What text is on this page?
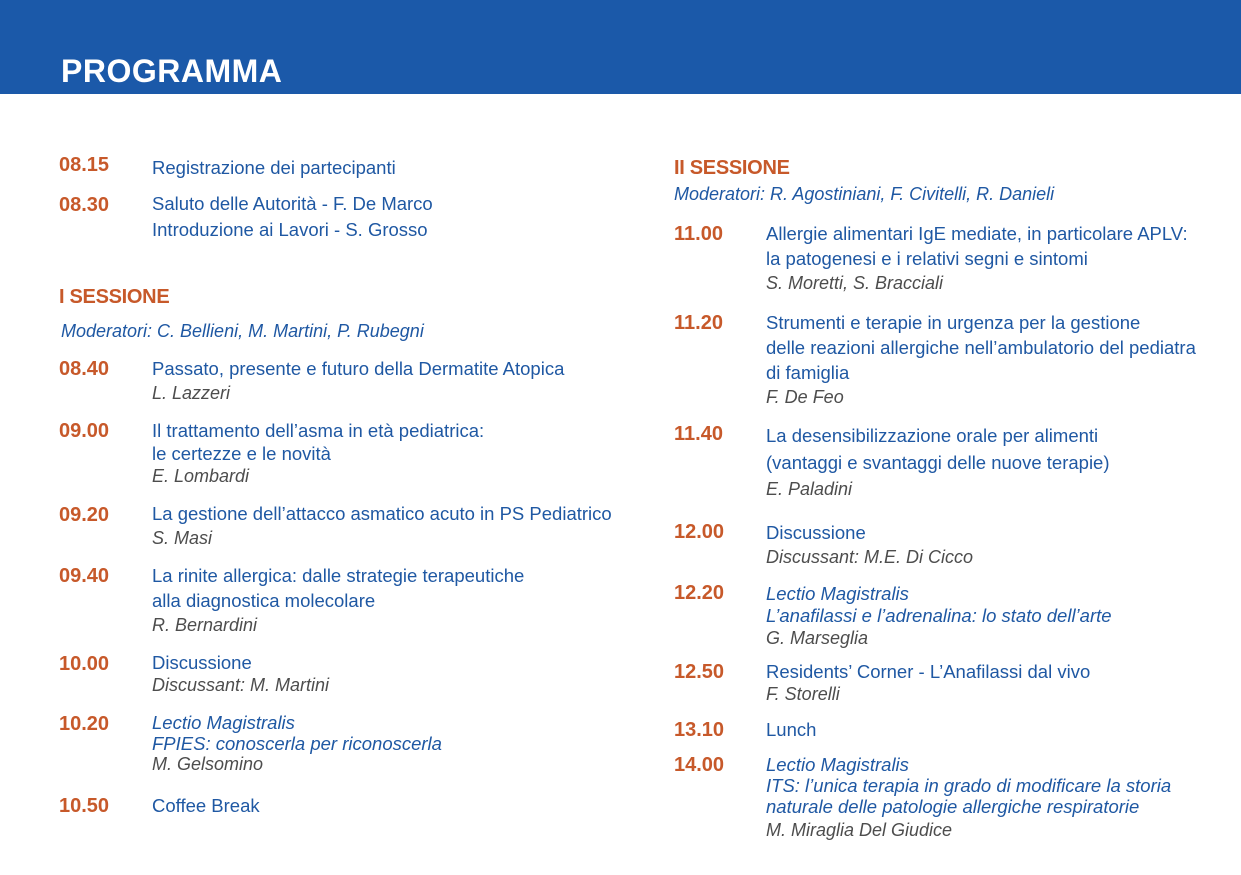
PROGRAMMA
08.15 Registrazione dei partecipanti
08.30 Saluto delle Autorità - F. De Marco
Introduzione ai Lavori - S. Grosso
I SESSIONE
Moderatori: C. Bellieni, M. Martini, P. Rubegni
08.40 Passato, presente e futuro della Dermatite Atopica
L. Lazzeri
09.00 Il trattamento dell’asma in età pediatrica:
le certezze e le novità
E. Lombardi
09.20 La gestione dell’attacco asmatico acuto in PS Pediatrico
S. Masi
09.40 La rinite allergica: dalle strategie terapeutiche
alla diagnostica molecolare
R. Bernardini
10.00 Discussione
Discussant: M. Martini
10.20 Lectio Magistralis
FPIES: conoscerla per riconoscerla
M. Gelsomino
10.50 Coffee Break
II SESSIONE
Moderatori: R. Agostiniani, F. Civitelli, R. Danieli
11.00 Allergie alimentari IgE mediate, in particolare APLV:
la patogenesi e i relativi segni e sintomi
S. Moretti, S. Bracciali
11.20 Strumenti e terapie in urgenza per la gestione
delle reazioni allergiche nell’ambulatorio del pediatra
di famiglia
F. De Feo
11.40 La desensibilizzazione orale per alimenti
(vantaggi e svantaggi delle nuove terapie)
E. Paladini
12.00 Discussione
Discussant: M.E. Di Cicco
12.20 Lectio Magistralis
L’anafilassi e l’adrenalina: lo stato dell’arte
G. Marseglia
12.50 Residents’ Corner - L’Anafilassi dal vivo
F. Storelli
13.10 Lunch
14.00 Lectio Magistralis
ITS: l’unica terapia in grado di modificare la storia
naturale delle patologie allergiche respiratorie
M. Miraglia Del Giudice
